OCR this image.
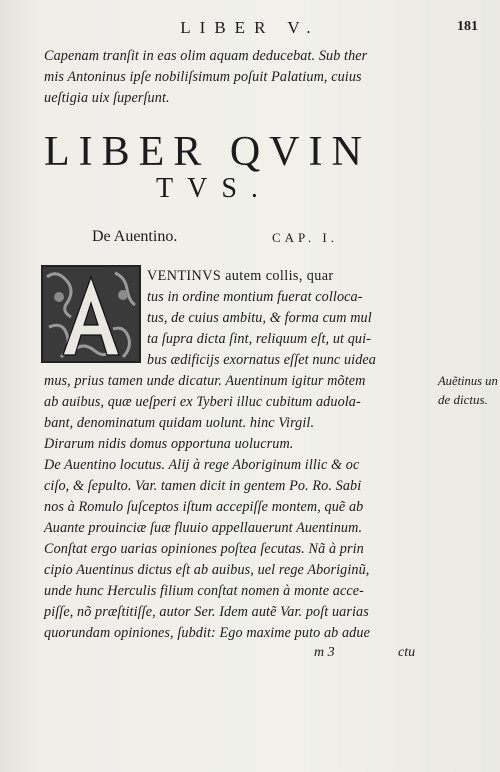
LIBER V.	181
Capenam tranſit in eas olim aquam deducebat. Sub ther
mis Antoninus ipſe nobiliſsimum poſuit Palatium, cuius
ueſtigia uix ſuperſunt.
LIBER QVIN
TVS.
De Auentino.	CAP. I.
A
VENTINVS autem collis, quar
tus in ordine montium fuerat colloca-
tus, de cuius ambitu, & forma cum mul
ta ſupra dicta ſint, reliquum eſt, ut qui-
bus ædificijs exornatus eſſet nunc uidea
mus, prius tamen unde dicatur. Auentinum igitur mõtem
ab auibus, quæ ueſperi ex Tyberi illuc cubitum aduola-
bant, denominatum quidam uolunt. hinc Virgil.
Dirarum nidis domus opportuna uolucrum.
De Auentino locutus. Alij à rege Aboriginum illic & oc
ciſo, & ſepulto. Var. tamen dicit in gentem Po. Ro. Sabi
nos à Romulo ſuſceptos iſtum accepiſſe montem, quẽ ab
Auante prouinciæ ſuæ fluuio appellauerunt Auentinum.
Conſtat ergo uarias opiniones poſtea ſecutas. Nã à prin
cipio Auentinus dictus eſt ab auibus, uel rege Aboriginũ,
unde hunc Herculis filium conſtat nomen à monte acce-
piſſe, nõ præſtitiſſe, autor Ser. Idem autẽ Var. poſt uarias
quorundam opiniones, ſubdit: Ego maxime puto ab adue
Auẽtinus un
de dictus.
m 3	ctu
